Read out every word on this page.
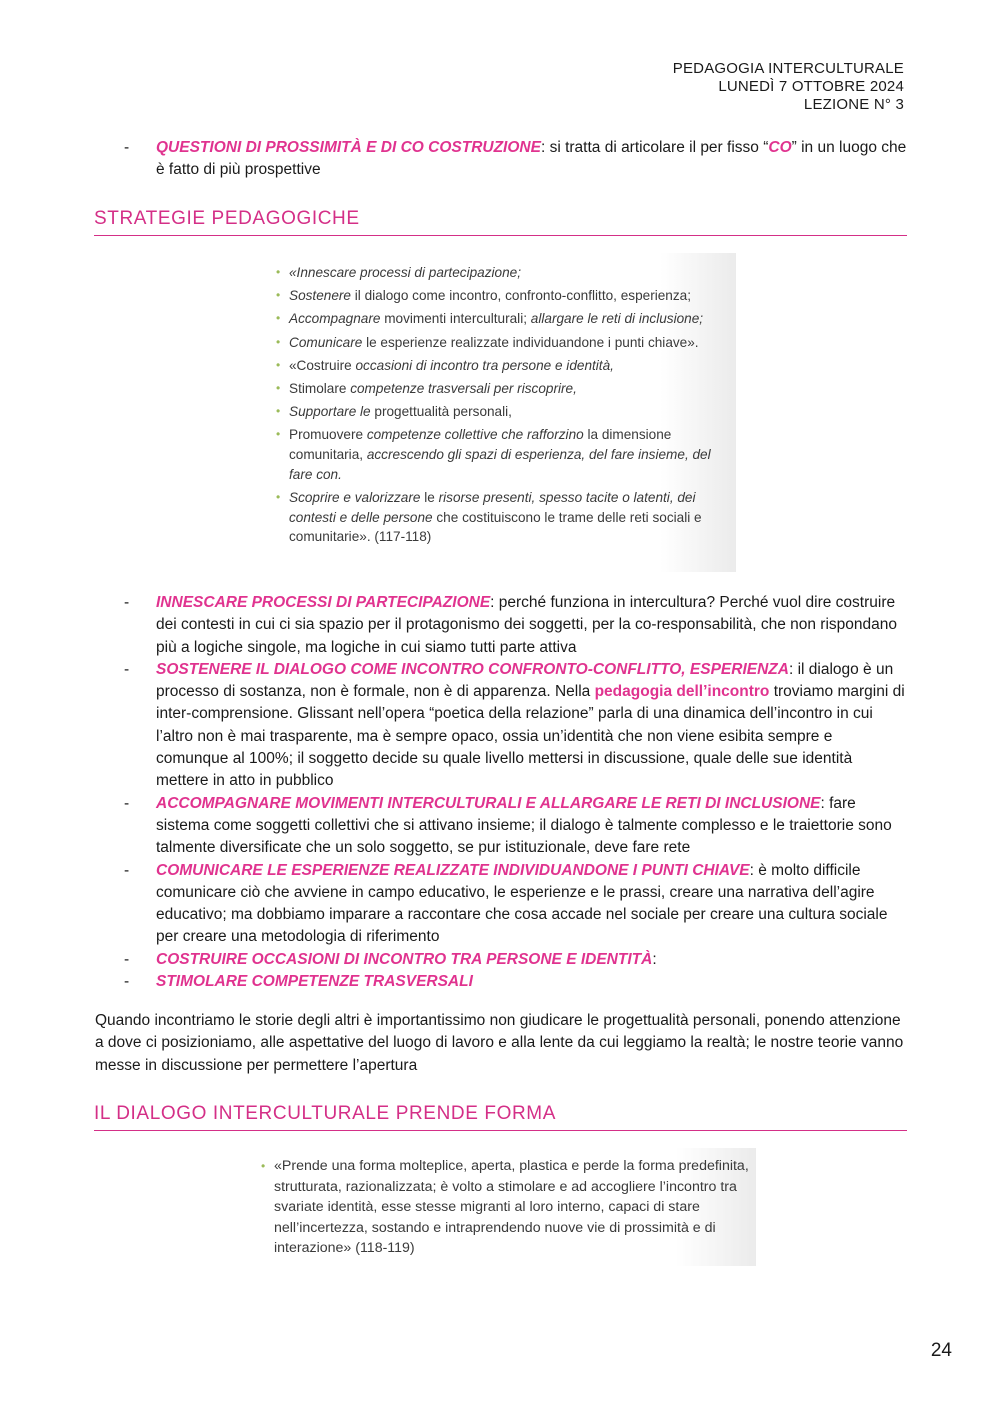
PEDAGOGIA INTERCULTURALE
LUNEDÌ 7 OTTOBRE 2024
LEZIONE N° 3
- QUESTIONI DI PROSSIMITÀ E DI CO COSTRUZIONE: si tratta di articolare il per fisso “CO” in un luogo che è fatto di più prospettive
STRATEGIE PEDAGOGICHE
• «Innescare processi di partecipazione;
• Sostenere il dialogo come incontro, confronto-conflitto, esperienza;
• Accompagnare movimenti interculturali; allargare le reti di inclusione;
• Comunicare le esperienze realizzate individuandone i punti chiave».
• «Costruire occasioni di incontro tra persone e identità,
• Stimolare competenze trasversali per riscoprire,
• Supportare le progettualità personali,
• Promuovere competenze collettive che rafforzino la dimensione comunitaria, accrescendo gli spazi di esperienza, del fare insieme, del fare con.
• Scoprire e valorizzare le risorse presenti, spesso tacite o latenti, dei contesti e delle persone che costituiscono le trame delle reti sociali e comunitarie». (117-118)
- INNESCARE PROCESSI DI PARTECIPAZIONE: perché funziona in intercultura? Perché vuol dire costruire dei contesti in cui ci sia spazio per il protagonismo dei soggetti, per la co-responsabilità, che non rispondano più a logiche singole, ma logiche in cui siamo tutti parte attiva
- SOSTENERE IL DIALOGO COME INCONTRO CONFRONTO-CONFLITTO, ESPERIENZA: il dialogo è un processo di sostanza, non è formale, non è di apparenza. Nella pedagogia dell’incontro troviamo margini di inter-comprensione. Glissant nell’opera “poetica della relazione” parla di una dinamica dell’incontro in cui l’altro non è mai trasparente, ma è sempre opaco, ossia un’identità che non viene esibita sempre e comunque al 100%; il soggetto decide su quale livello mettersi in discussione, quale delle sue identità mettere in atto in pubblico
- ACCOMPAGNARE MOVIMENTI INTERCULTURALI E ALLARGARE LE RETI DI INCLUSIONE: fare sistema come soggetti collettivi che si attivano insieme; il dialogo è talmente complesso e le traiettorie sono talmente diversificate che un solo soggetto, se pur istituzionale, deve fare rete
- COMUNICARE LE ESPERIENZE REALIZZATE INDIVIDUANDONE I PUNTI CHIAVE: è molto difficile comunicare ciò che avviene in campo educativo, le esperienze e le prassi, creare una narrativa dell’agire educativo; ma dobbiamo imparare a raccontare che cosa accade nel sociale per creare una cultura sociale per creare una metodologia di riferimento
- COSTRUIRE OCCASIONI DI INCONTRO TRA PERSONE E IDENTITÀ:
- STIMOLARE COMPETENZE TRASVERSALI

Quando incontriamo le storie degli altri è importantissimo non giudicare le progettualità personali, ponendo attenzione a dove ci posizioniamo, alle aspettative del luogo di lavoro e alla lente da cui leggiamo la realtà; le nostre teorie vanno messe in discussione per permettere l’apertura

IL DIALOGO INTERCULTURALE PRENDE FORMA
• «Prende una forma molteplice, aperta, plastica e perde la forma predefinita, strutturata, razionalizzata; è volto a stimolare e ad accogliere l’incontro tra svariate identità, esse stesse migranti al loro interno, capaci di stare nell’incertezza, sostando e intraprendendo nuove vie di prossimità e di interazione» (118-119)
24
